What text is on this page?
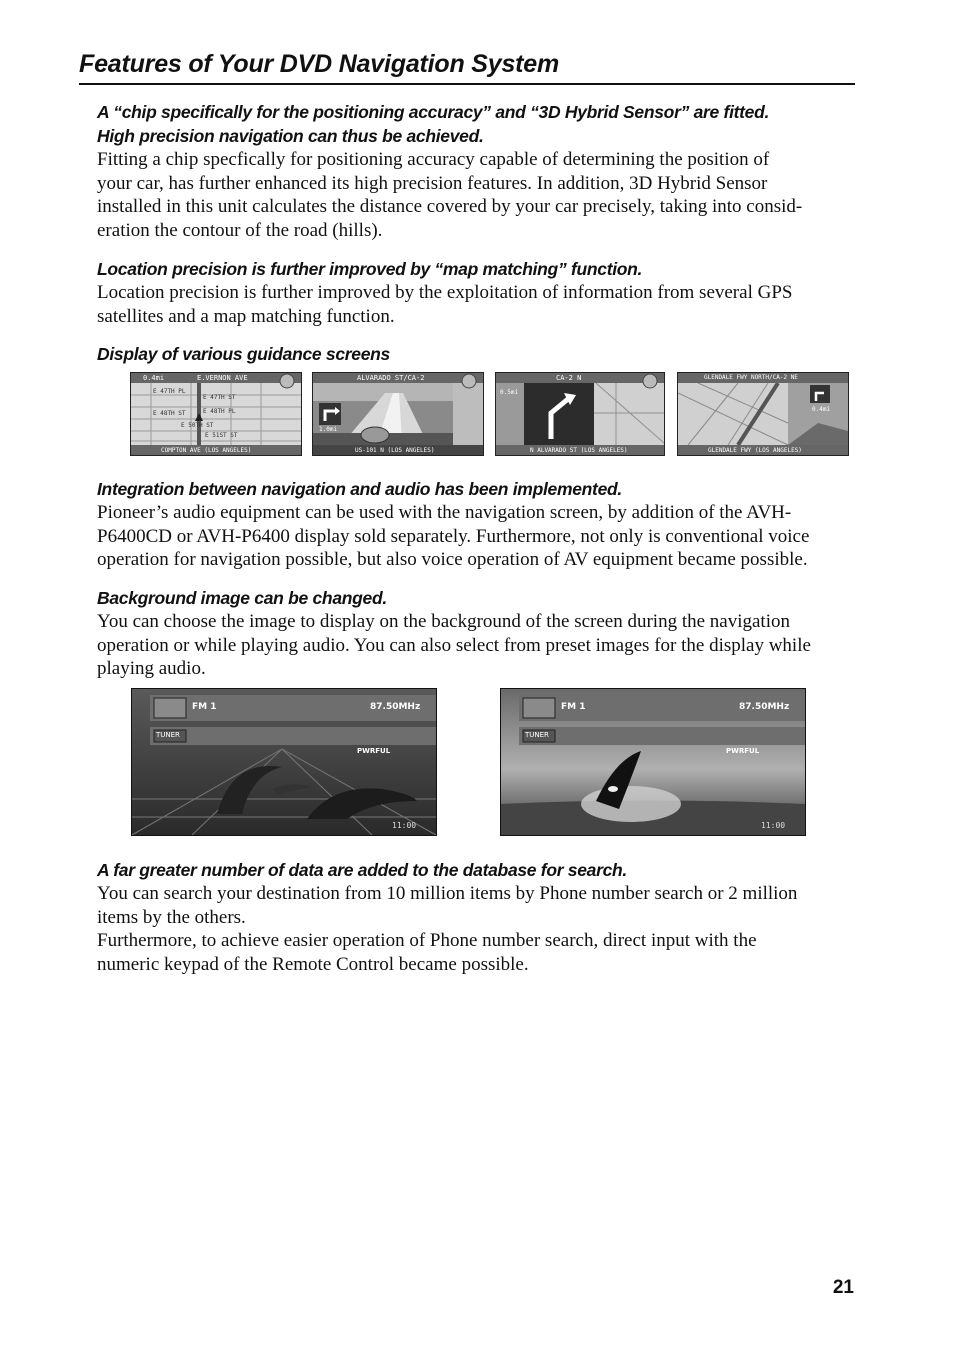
Features of Your DVD Navigation System
A “chip specifically for the positioning accuracy” and “3D Hybrid Sensor” are fitted.
High precision navigation can thus be achieved.
Fitting a chip specfically for positioning accuracy capable of determining the position of
your car, has further enhanced its high precision features. In addition, 3D Hybrid Sensor
installed in this unit calculates the distance covered by your car precisely, taking into consid-
eration the contour of the road (hills).
Location precision is further improved by “map matching” function.
Location precision is further improved by the exploitation of information from several GPS
satellites and a map matching function.
Display of various guidance screens
0.4mi	E.VERNON AVE
E 47TH PL
E 47TH ST
E 48TH ST	E 48TH PL
E 50TH ST
E 51ST ST
COMPTON AVE (LOS ANGELES)
ALVARADO ST/CA-2
1.0mi
US-101 N (LOS ANGELES)
CA-2 N
0.5mi
N ALVARADO ST (LOS ANGELES)
GLENDALE FWY NORTH/CA-2 NE
0.4mi
GLENDALE FWY (LOS ANGELES)
Integration between navigation and audio has been implemented.
Pioneer’s audio equipment can be used with the navigation screen, by addition of the AVH-
P6400CD or AVH-P6400 display sold separately. Furthermore, not only is conventional voice
operation for navigation possible, but also voice operation of AV equipment became possible.
Background image can be changed.
You can choose the image to display on the background of the screen during the navigation
operation or while playing audio. You can also select from preset images for the display while
playing audio.
FM 1	87.50MHz
TUNER
PWRFUL
11:00
FM 1	87.50MHz
TUNER
PWRFUL
11:00
A far greater number of data are added to the database for search.
You can search your destination from 10 million items by Phone number search or 2 million
items by the others.
Furthermore, to achieve easier operation of Phone number search, direct input with the
numeric keypad of the Remote Control became possible.
21
